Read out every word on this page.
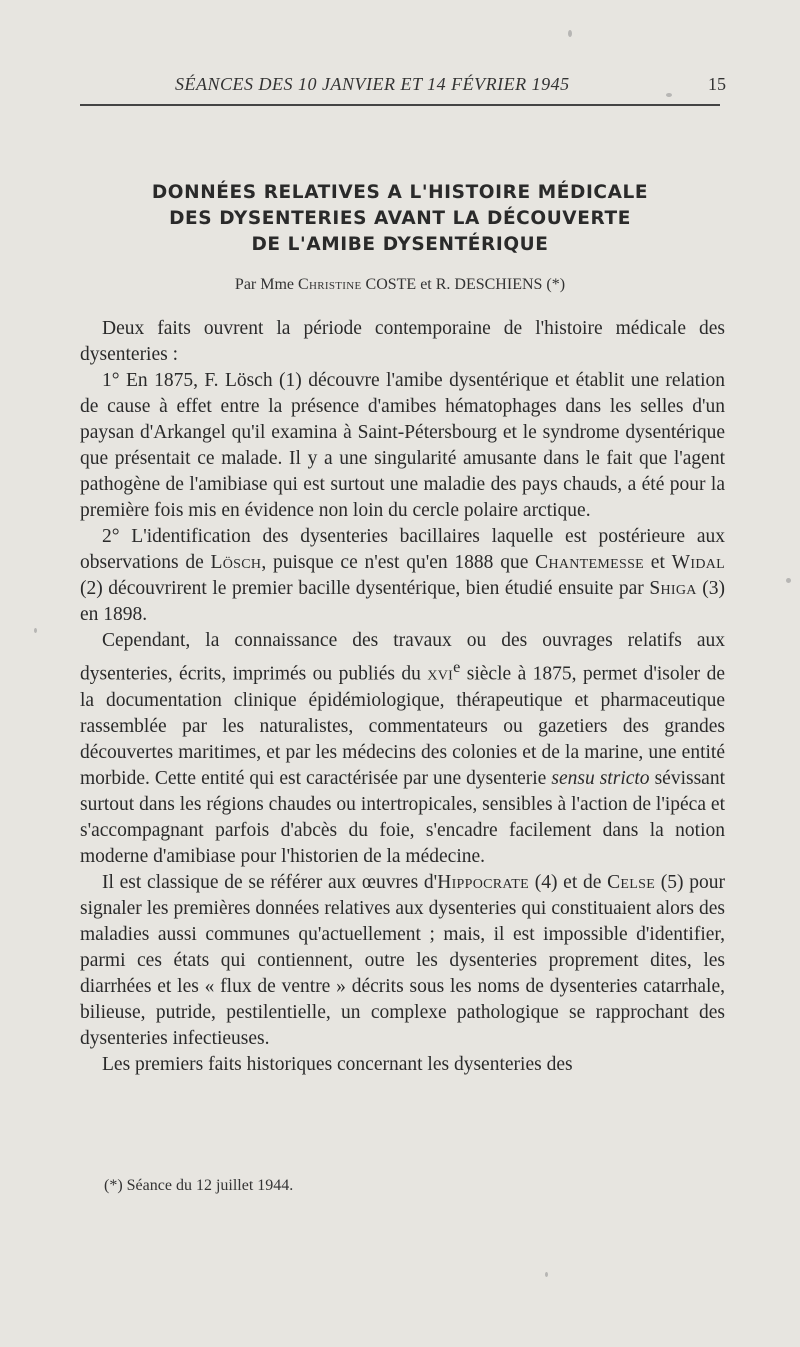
SÉANCES DES 10 JANVIER ET 14 FÉVRIER 1945	15
DONNÉES RELATIVES A L'HISTOIRE MÉDICALE
DES DYSENTERIES AVANT LA DÉCOUVERTE
DE L'AMIBE DYSENTÉRIQUE
Par Mme Christine COSTE et R. DESCHIENS (*)

Deux faits ouvrent la période contemporaine de l'histoire médicale des dysenteries :

1° En 1875, F. Lösch (1) découvre l'amibe dysentérique et établit une relation de cause à effet entre la présence d'amibes hématophages dans les selles d'un paysan d'Arkangel qu'il examina à Saint-Pétersbourg et le syndrome dysentérique que présentait ce malade. Il y a une singularité amusante dans le fait que l'agent pathogène de l'amibiase qui est surtout une maladie des pays chauds, a été pour la première fois mis en évidence non loin du cercle polaire arctique.

2° L'identification des dysenteries bacillaires laquelle est postérieure aux observations de Lösch, puisque ce n'est qu'en 1888 que Chantemesse et Widal (2) découvrirent le premier bacille dysentérique, bien étudié ensuite par Shiga (3) en 1898.

Cependant, la connaissance des travaux ou des ouvrages relatifs aux dysenteries, écrits, imprimés ou publiés du xvi$^e$ siècle à 1875, permet d'isoler de la documentation clinique épidémiologique, thérapeutique et pharmaceutique rassemblée par les naturalistes, commentateurs ou gazetiers des grandes découvertes maritimes, et par les médecins des colonies et de la marine, une entité morbide. Cette entité qui est caractérisée par une dysenterie sensu stricto sévissant surtout dans les régions chaudes ou intertropicales, sensibles à l'action de l'ipéca et s'accompagnant parfois d'abcès du foie, s'encadre facilement dans la notion moderne d'amibiase pour l'historien de la médecine.

Il est classique de se référer aux œuvres d'Hippocrate (4) et de Celse (5) pour signaler les premières données relatives aux dysenteries qui constituaient alors des maladies aussi communes qu'actuellement ; mais, il est impossible d'identifier, parmi ces états qui contiennent, outre les dysenteries proprement dites, les diarrhées et les « flux de ventre » décrits sous les noms de dysenteries catarrhale, bilieuse, putride, pestilentielle, un complexe pathologique se rapprochant des dysenteries infectieuses.

Les premiers faits historiques concernant les dysenteries des

(*) Séance du 12 juillet 1944.
